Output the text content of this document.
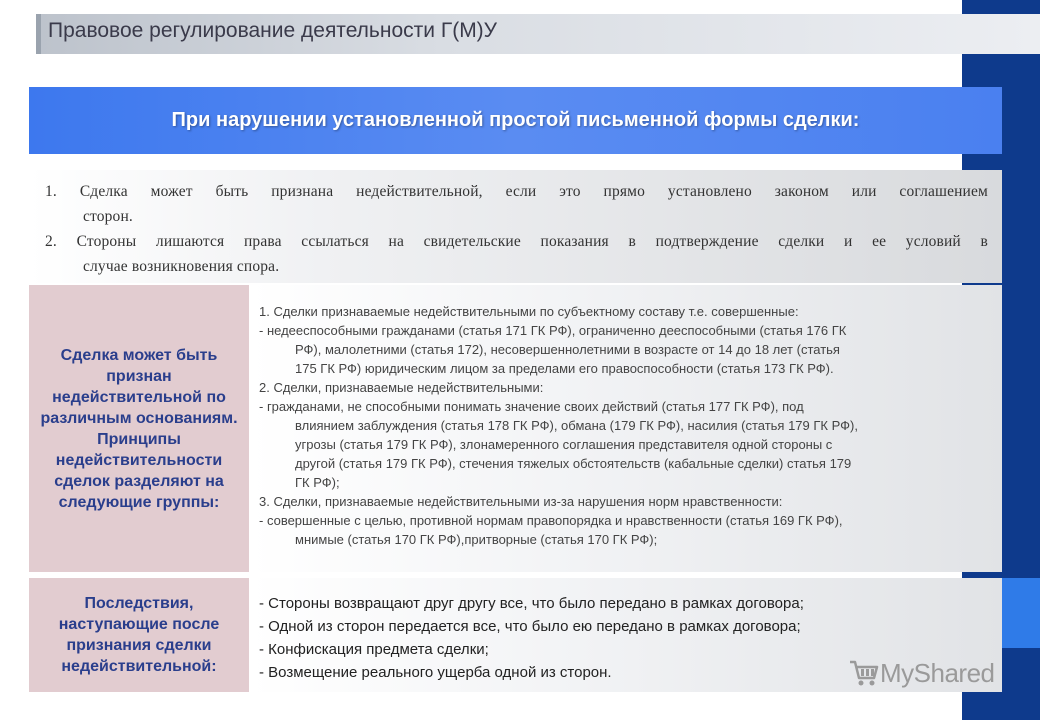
Правовое регулирование деятельности Г(М)У
При нарушении установленной простой письменной формы сделки:
1. Сделка может быть признана недействительной, если это прямо установлено законом или соглашением
сторон.
2. Стороны лишаются права ссылаться на свидетельские показания в подтверждение сделки и ее условий в
случае возникновения спора.
Сделка может быть признан недействительной по различным основаниям. Принципы недействительности сделок разделяют на следующие группы:
1. Сделки признаваемые недействительными по субъектному составу т.е. совершенные:
- недееспособными гражданами (статья 171 ГК РФ), ограниченно дееспособными (статья 176 ГК
РФ), малолетними (статья 172), несовершеннолетними в возрасте от 14 до 18 лет (статья
175 ГК РФ) юридическим лицом за пределами его правоспособности (статья 173 ГК РФ).
2. Сделки, признаваемые недействительными:
- гражданами, не способными понимать значение своих действий (статья 177 ГК РФ), под
влиянием заблуждения (статья 178 ГК РФ), обмана (179 ГК РФ), насилия (статья 179 ГК РФ),
угрозы (статья 179 ГК РФ), злонамеренного соглашения представителя одной стороны с
другой (статья 179 ГК РФ), стечения тяжелых обстоятельств (кабальные сделки) статья 179
ГК РФ);
3. Сделки, признаваемые недействительными из-за нарушения норм нравственности:
- совершенные с целью, противной нормам правопорядка и нравственности (статья 169 ГК РФ),
мнимые (статья 170 ГК РФ),притворные (статья 170 ГК РФ);
Последствия, наступающие после признания сделки недействительной:
- Стороны возвращают друг другу все, что было передано в рамках договора;
- Одной из сторон передается все, что было ею передано в рамках договора;
- Конфискация предмета сделки;
- Возмещение реального ущерба одной из сторон.	MyShared
